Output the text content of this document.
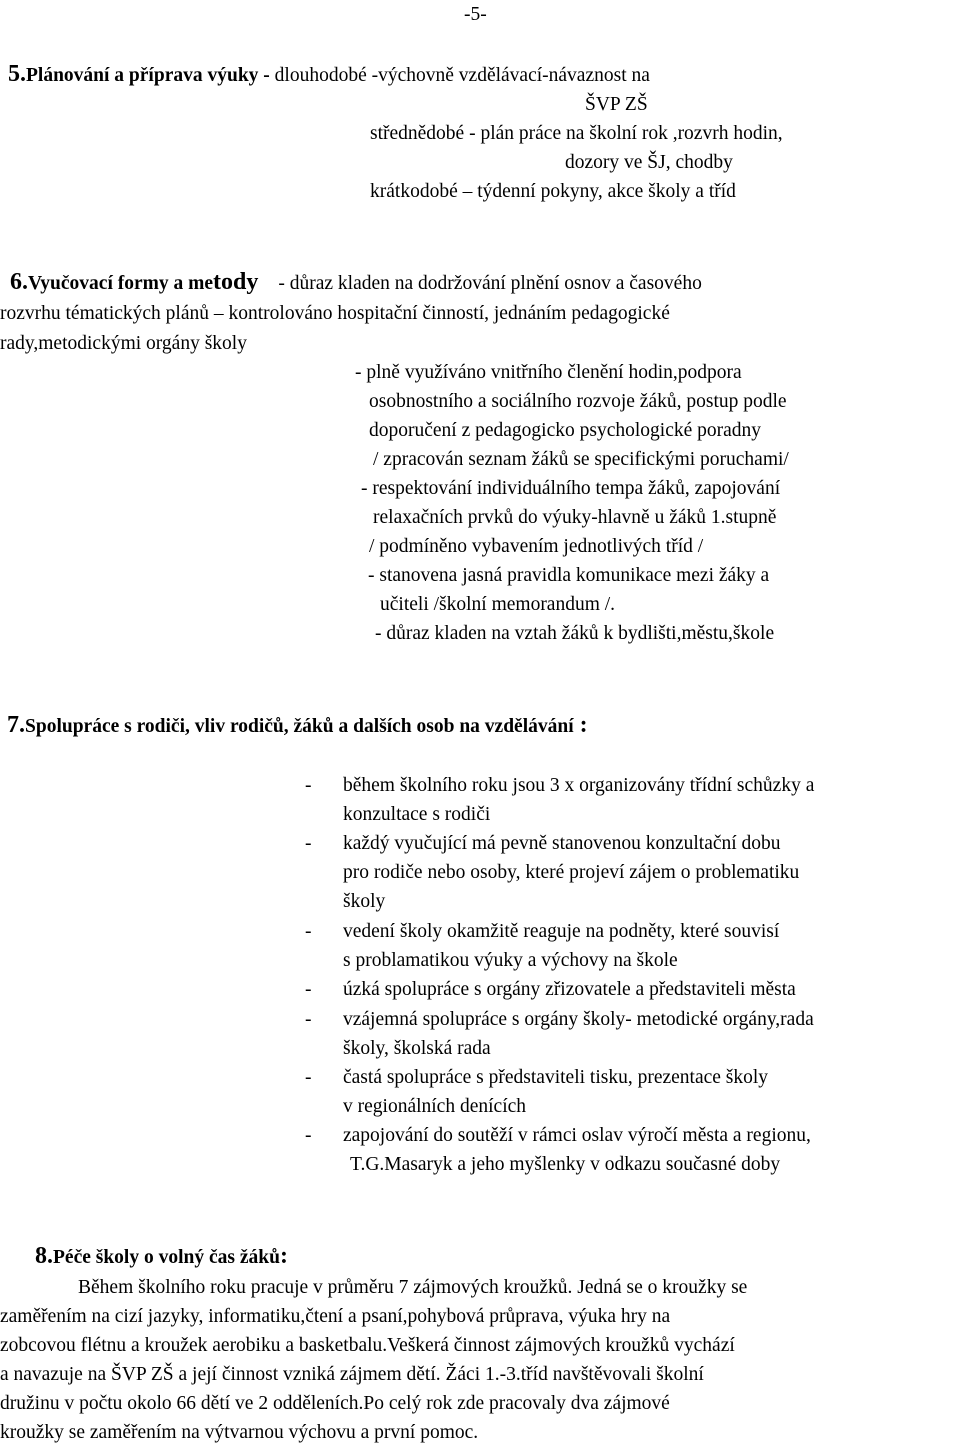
-5-
5.Plánování a příprava výuky - dlouhodobé -výchovně vzdělávací-návaznost na
ŠVP ZŠ
střednědobé - plán práce na školní rok ,rozvrh hodin,
dozory ve ŠJ, chodby
krátkodobé – týdenní pokyny, akce školy a tříd
6.Vyučovací formy a metody - důraz kladen na dodržování plnění osnov a časového
rozvrhu tématických plánů – kontrolováno hospitační činností, jednáním pedagogické
rady,metodickými orgány školy
- plně využíváno vnitřního členění hodin,podpora
osobnostního a sociálního rozvoje žáků, postup podle
doporučení z pedagogicko psychologické poradny
/ zpracován seznam žáků se specifickými poruchami/
- respektování individuálního tempa žáků, zapojování
relaxačních prvků do výuky-hlavně u žáků 1.stupně
/ podmíněno vybavením jednotlivých tříd /
- stanovena jasná pravidla komunikace mezi žáky a
učiteli /školní memorandum /.
- důraz kladen na vztah žáků k bydlišti,městu,škole
7.Spolupráce s rodiči, vliv rodičů, žáků a dalších osob na vzdělávání :
- během školního roku jsou 3 x organizovány třídní schůzky a
konzultace s rodiči
- každý vyučující má pevně stanovenou konzultační dobu
pro rodiče nebo osoby, které projeví zájem o problematiku
školy
- vedení školy okamžitě reaguje na podněty, které souvisí
s problamatikou výuky a výchovy na škole
- úzká spolupráce s orgány zřizovatele a představiteli města
- vzájemná spolupráce s orgány školy- metodické orgány,rada
školy, školská rada
- častá spolupráce s představiteli tisku, prezentace školy
v regionálních denících
- zapojování do soutěží v rámci oslav výročí města a regionu,
T.G.Masaryk a jeho myšlenky v odkazu současné doby
8.Péče školy o volný čas žáků:
Během školního roku pracuje v průměru 7 zájmových kroužků. Jedná se o kroužky se
zaměřením na cizí jazyky, informatiku,čtení a psaní,pohybová průprava, výuka hry na
zobcovou flétnu a kroužek aerobiku a basketbalu.Veškerá činnost zájmových kroužků vychází
a navazuje na ŠVP ZŠ a její činnost vzniká zájmem dětí. Žáci 1.-3.tříd navštěvovali školní
družinu v počtu okolo 66 dětí ve 2 odděleních.Po celý rok zde pracovaly dva zájmové
kroužky se zaměřením na výtvarnou výchovu a první pomoc.
